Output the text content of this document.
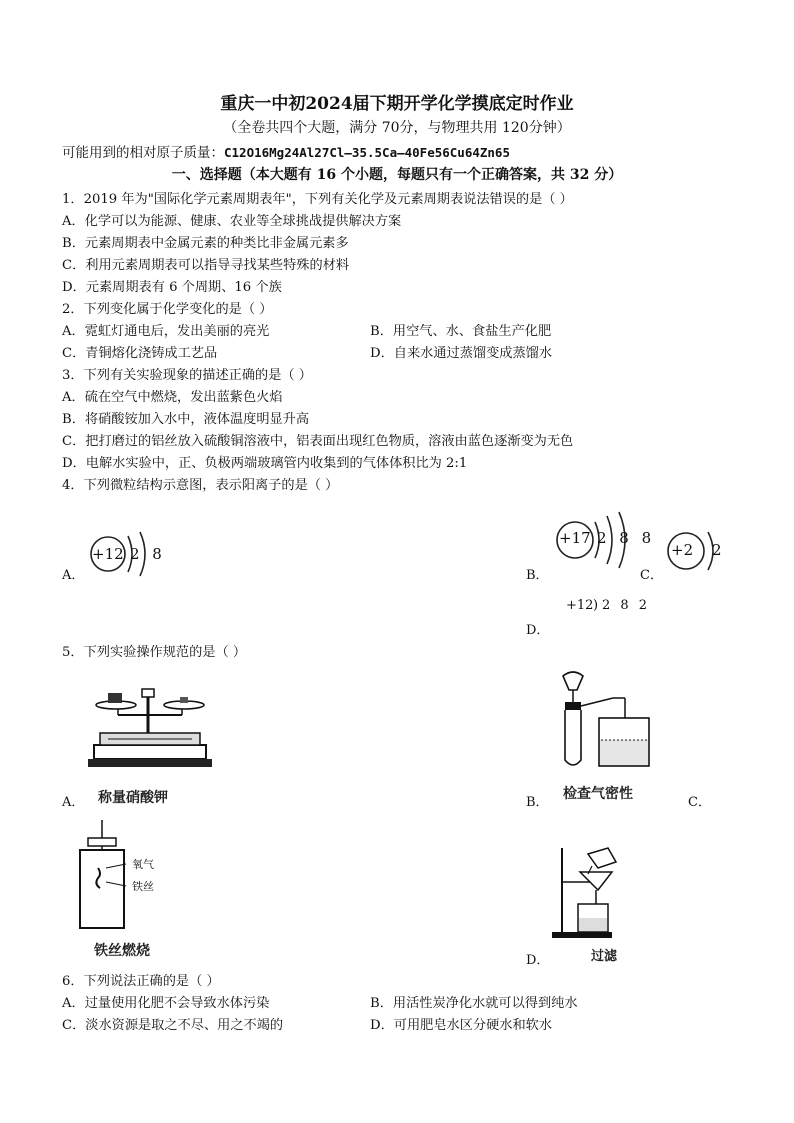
重庆一中初2024届下期开学化学摸底定时作业
（全卷共四个大题，满分 70分，与物理共用 120分钟）
可能用到的相对原子质量：C12O16Mg24Al27Cl—35.5Ca—40Fe56Cu64Zn65
一、选择题（本大题有 16 个小题，每题只有一个正确答案，共 32 分）
1．2019 年为"国际化学元素周期表年"，下列有关化学及元素周期表说法错误的是（ ）
A．化学可以为能源、健康、农业等全球挑战提供解决方案
B．元素周期表中金属元素的种类比非金属元素多
C．利用元素周期表可以指导寻找某些特殊的材料
D．元素周期表有 6 个周期、16 个族
2．下列变化属于化学变化的是（ ）
A．霓虹灯通电后，发出美丽的亮光	B．用空气、水、食盐生产化肥
C．青铜熔化浇铸成工艺品	D．自来水通过蒸馏变成蒸馏水
3．下列有关实验现象的描述正确的是（ ）
A．硫在空气中燃烧，发出蓝紫色火焰
B．将硝酸铵加入水中，液体温度明显升高
C．把打磨过的铝丝放入硫酸铜溶液中，铝表面出现红色物质，溶液由蓝色逐渐变为无色
D．电解水实验中，正、负极两端玻璃管内收集到的气体体积比为 2:1
4．下列微粒结构示意图，表示阳离子的是（ ）
A．
+12 2 8
B．
+17 2 8 8
C．
+2 2
D．
+12 ) 2 8 2
5．下列实验操作规范的是（ ）
A． 称量硝酸钾	B．
检查气密性
C．
氧气
铁丝
铁丝燃烧
D．	过滤
6．下列说法正确的是（ ）
A．过量使用化肥不会导致水体污染	B．用活性炭净化水就可以得到纯水
C．淡水资源是取之不尽、用之不竭的	D．可用肥皂水区分硬水和软水
